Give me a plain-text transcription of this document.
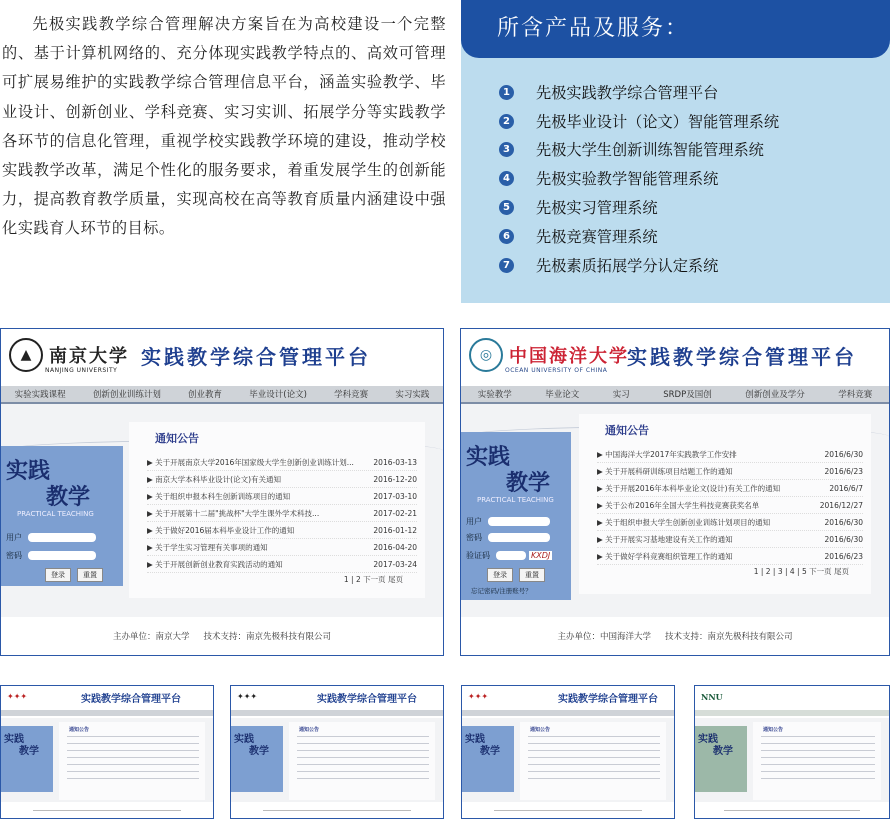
先极实践教学综合管理解决方案旨在为高校建设一个完整的、基于计算机网络的、充分体现实践教学特点的、高效可管理可扩展易维护的实践教学综合管理信息平台，涵盖实验教学、毕业设计、创新创业、学科竞赛、实习实训、拓展学分等实践教学各环节的信息化管理，重视学校实践教学环境的建设，推动学校实践教学改革，满足个性化的服务要求，着重发展学生的创新能力，提高教育教学质量，实现高校在高等教育质量内涵建设中强化实践育人环节的目标。
所含产品及服务：
1 先极实践教学综合管理平台
2 先极毕业设计（论文）智能管理系统
3 先极大学生创新训练智能管理系统
4 先极实验教学智能管理系统
5 先极实习管理系统
6 先极竞赛管理系统
7 先极素质拓展学分认定系统
▲ 南京大学
NANJING UNIVERSITY
实践教学综合管理平台
实验实践课程	创新创业训练计划	创业教育	毕业设计(论文)	学科竞赛	实习实践
实践
教学
PRACTICAL TEACHING
用户
密码
登录	重置
通知公告
▶ 关于开展南京大学2016年国家级大学生创新创业训练计划...	2016-03-13
▶ 南京大学本科毕业设计(论文)有关通知	2016-12-20
▶ 关于组织申报本科生创新训练项目的通知	2017-03-10
▶ 关于开展第十二届"挑战杯"大学生课外学术科技...	2017-02-21
▶ 关于做好2016届本科毕业设计工作的通知	2016-01-12
▶ 关于学生实习管理有关事项的通知	2016-04-20
▶ 关于开展创新创业教育实践活动的通知	2017-03-24
1 | 2 下一页 尾页
主办单位：南京大学 技术支持：南京先极科技有限公司
◎ 中国海洋大学
OCEAN UNIVERSITY OF CHINA
实践教学综合管理平台
实验教学	毕业论文	实习	SRDP及国创	创新创业及学分	学科竞赛
实践
教学
PRACTICAL TEACHING
用户
密码
验证码	KXDJ
登录	重置
忘记密码/注册账号？
通知公告
▶ 中国海洋大学2017年实践教学工作安排	2016/6/30
▶ 关于开展科研训练项目结题工作的通知	2016/6/23
▶ 关于开展2016年本科毕业论文(设计)有关工作的通知	2016/6/7
▶ 关于公布2016年全国大学生科技竞赛获奖名单	2016/12/27
▶ 关于组织申报大学生创新创业训练计划项目的通知	2016/6/30
▶ 关于开展实习基地建设有关工作的通知	2016/6/30
▶ 关于做好学科竞赛组织管理工作的通知	2016/6/23
1 | 2 | 3 | 4 | 5 下一页 尾页
主办单位：中国海洋大学 技术支持：南京先极科技有限公司
✦✦✦	实践教学综合管理平台
实践
教学
通知公告
✦✦✦	实践教学综合管理平台
实践
教学
通知公告
✦✦✦	实践教学综合管理平台
实践
教学
通知公告
NNU
实践
教学
通知公告
